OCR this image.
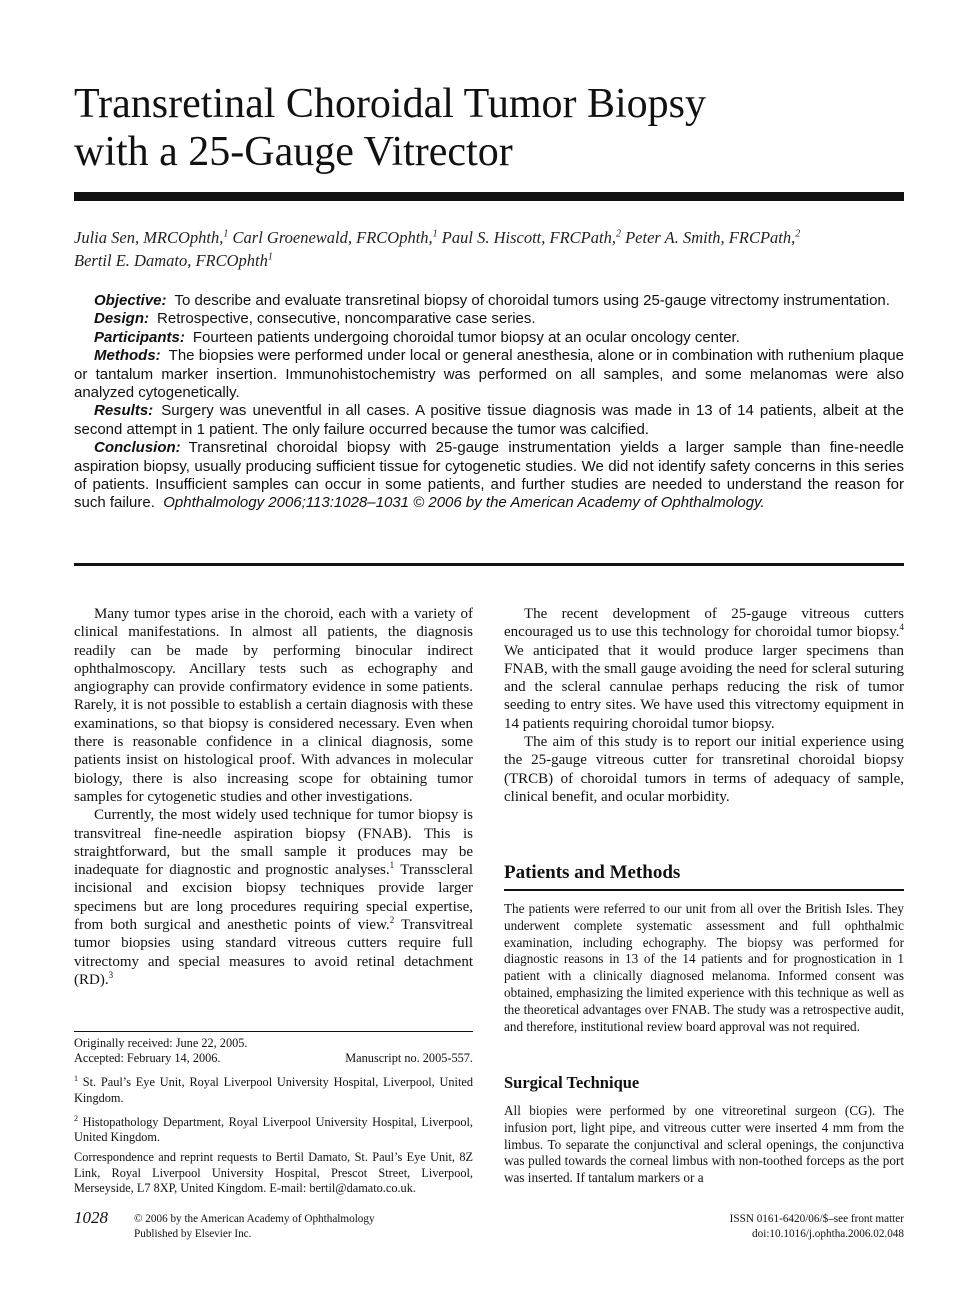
Transretinal Choroidal Tumor Biopsy
with a 25-Gauge Vitrector
Julia Sen, MRCOphth,$^1$ Carl Groenewald, FRCOphth,$^1$ Paul S. Hiscott, FRCPath,$^2$ Peter A. Smith, FRCPath,$^2$
Bertil E. Damato, FRCOphth$^1$

Objective: To describe and evaluate transretinal biopsy of choroidal tumors using 25-gauge vitrectomy instrumentation.

Design: Retrospective, consecutive, noncomparative case series.

Participants: Fourteen patients undergoing choroidal tumor biopsy at an ocular oncology center.

Methods: The biopsies were performed under local or general anesthesia, alone or in combination with ruthenium plaque or tantalum marker insertion. Immunohistochemistry was performed on all samples, and some melanomas were also analyzed cytogenetically.

Results: Surgery was uneventful in all cases. A positive tissue diagnosis was made in 13 of 14 patients, albeit at the second attempt in 1 patient. The only failure occurred because the tumor was calcified.

Conclusion: Transretinal choroidal biopsy with 25-gauge instrumentation yields a larger sample than fine-needle aspiration biopsy, usually producing sufficient tissue for cytogenetic studies. We did not identify safety concerns in this series of patients. Insufficient samples can occur in some patients, and further studies are needed to understand the reason for such failure. Ophthalmology 2006;113:1028–1031 © 2006 by the American Academy of Ophthalmology.

Many tumor types arise in the choroid, each with a variety of clinical manifestations. In almost all patients, the diagnosis readily can be made by performing binocular indirect ophthalmoscopy. Ancillary tests such as echography and angiography can provide confirmatory evidence in some patients. Rarely, it is not possible to establish a certain diagnosis with these examinations, so that biopsy is considered necessary. Even when there is reasonable confidence in a clinical diagnosis, some patients insist on histological proof. With advances in molecular biology, there is also increasing scope for obtaining tumor samples for cytogenetic studies and other investigations.

Currently, the most widely used technique for tumor biopsy is transvitreal fine-needle aspiration biopsy (FNAB). This is straightforward, but the small sample it produces may be inadequate for diagnostic and prognostic analyses.$^1$ Transscleral incisional and excision biopsy techniques provide larger specimens but are long procedures requiring special expertise, from both surgical and anesthetic points of view.$^2$ Transvitreal tumor biopsies using standard vitreous cutters require full vitrectomy and special measures to avoid retinal detachment (RD).$^3$

The recent development of 25-gauge vitreous cutters encouraged us to use this technology for choroidal tumor biopsy.$^4$ We anticipated that it would produce larger specimens than FNAB, with the small gauge avoiding the need for scleral suturing and the scleral cannulae perhaps reducing the risk of tumor seeding to entry sites. We have used this vitrectomy equipment in 14 patients requiring choroidal tumor biopsy.

The aim of this study is to report our initial experience using the 25-gauge vitreous cutter for transretinal choroidal biopsy (TRCB) of choroidal tumors in terms of adequacy of sample, clinical benefit, and ocular morbidity.

Patients and Methods

The patients were referred to our unit from all over the British Isles. They underwent complete systematic assessment and full ophthalmic examination, including echography. The biopsy was performed for diagnostic reasons in 13 of the 14 patients and for prognostication in 1 patient with a clinically diagnosed melanoma. Informed consent was obtained, emphasizing the limited experience with this technique as well as the theoretical advantages over FNAB. The study was a retrospective audit, and therefore, institutional review board approval was not required.

Surgical Technique

All biopies were performed by one vitreoretinal surgeon (CG). The infusion port, light pipe, and vitreous cutter were inserted 4 mm from the limbus. To separate the conjunctival and scleral openings, the conjunctiva was pulled towards the corneal limbus with non-toothed forceps as the port was inserted. If tantalum markers or a

Originally received: June 22, 2005.
Accepted: February 14, 2006.	Manuscript no. 2005-557.
$^1$ St. Paul’s Eye Unit, Royal Liverpool University Hospital, Liverpool, United Kingdom.
$^2$ Histopathology Department, Royal Liverpool University Hospital, Liverpool, United Kingdom.
Correspondence and reprint requests to Bertil Damato, St. Paul’s Eye Unit, 8Z Link, Royal Liverpool University Hospital, Prescot Street, Liverpool, Merseyside, L7 8XP, United Kingdom. E-mail: bertil@damato.co.uk.
1028 © 2006 by the American Academy of Ophthalmology
Published by Elsevier Inc.
ISSN 0161-6420/06/$–see front matter
doi:10.1016/j.ophtha.2006.02.048
